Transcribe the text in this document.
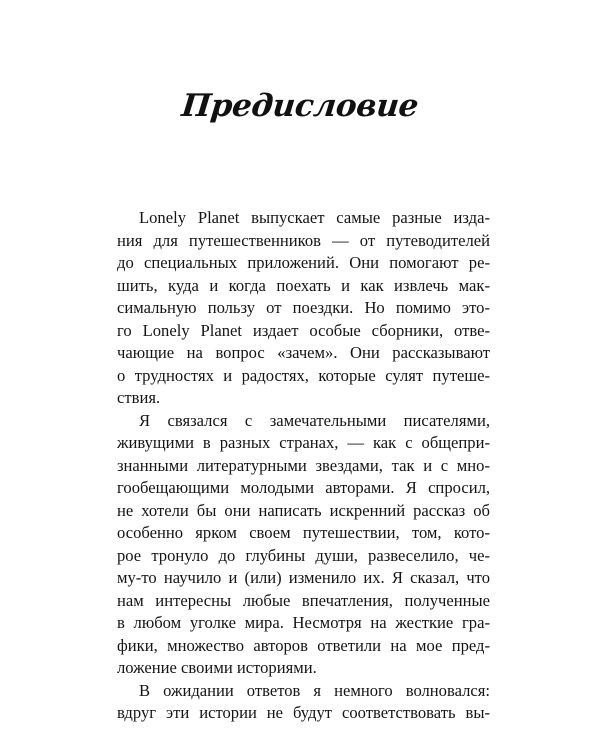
Предисловие
Lonely Planet выпускает самые разные изда-
ния для путешественников — от путеводителей
до специальных приложений. Они помогают ре-
шить, куда и когда поехать и как извлечь мак-
симальную пользу от поездки. Но помимо это-
го Lonely Planet издает особые сборники, отве-
чающие на вопрос «зачем». Они рассказывают
о трудностях и радостях, которые сулят путеше-
ствия.
Я связался с замечательными писателями,
живущими в разных странах, — как с общепри-
знанными литературными звездами, так и с мно-
гообещающими молодыми авторами. Я спросил,
не хотели бы они написать искренний рассказ об
особенно ярком своем путешествии, том, кото-
рое тронуло до глубины души, развеселило, че-
му-то научило и (или) изменило их. Я сказал, что
нам интересны любые впечатления, полученные
в любом уголке мира. Несмотря на жесткие гра-
фики, множество авторов ответили на мое пред-
ложение своими историями.
В ожидании ответов я немного волновался:
вдруг эти истории не будут соответствовать вы-
